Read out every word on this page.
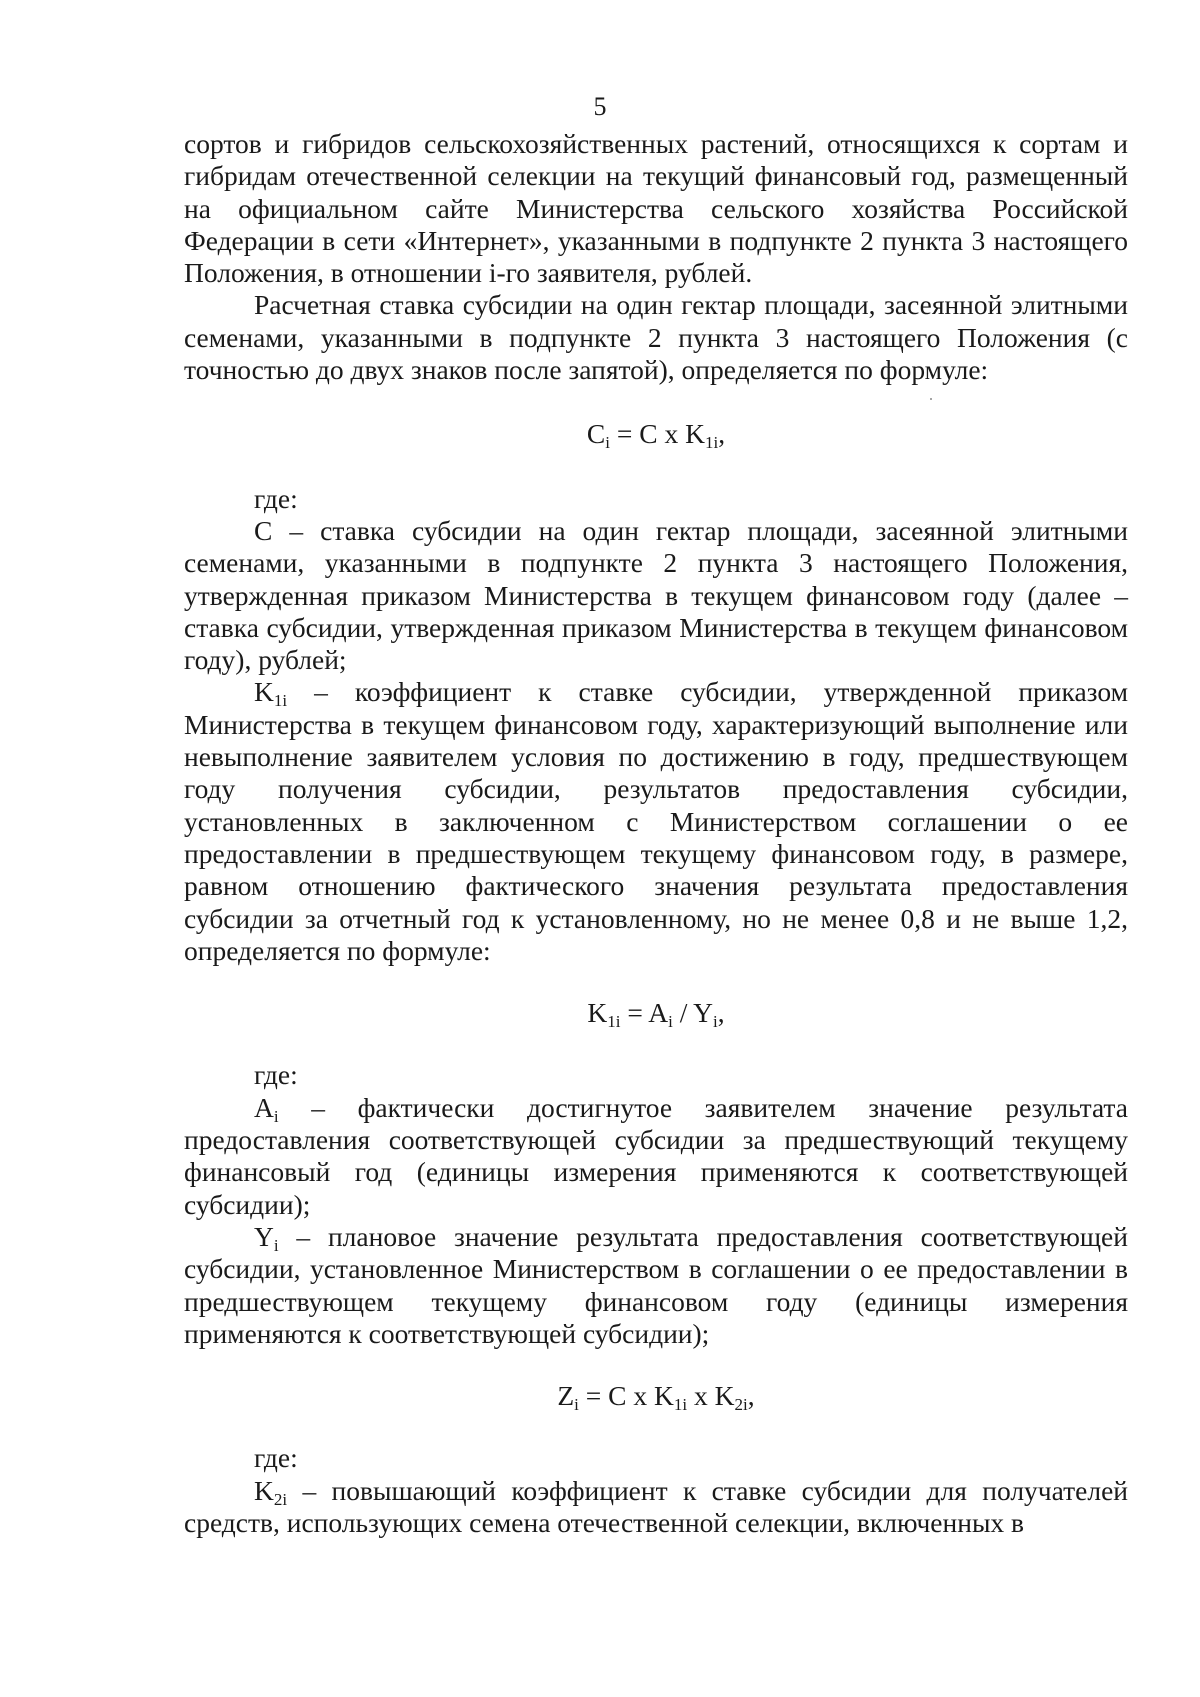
5

сортов и гибридов сельскохозяйственных растений, относящихся к сортам и гибридам отечественной селекции на текущий финансовый год, размещенный на официальном сайте Министерства сельского хозяйства Российской Федерации в сети «Интернет», указанными в подпункте 2 пункта 3 настоящего Положения, в отношении i-го заявителя, рублей.

Расчетная ставка субсидии на один гектар площади, засеянной элитными семенами, указанными в подпункте 2 пункта 3 настоящего Положения (с точностью до двух знаков после запятой), определяется по формуле:

$C_i = С$ x $K_{1i}$,

где:

С – ставка субсидии на один гектар площади, засеянной элитными семенами, указанными в подпункте 2 пункта 3 настоящего Положения, утвержденная приказом Министерства в текущем финансовом году (далее – ставка субсидии, утвержденная приказом Министерства в текущем финансовом году), рублей;

$K_{1i}$ – коэффициент к ставке субсидии, утвержденной приказом Министерства в текущем финансовом году, характеризующий выполнение или невыполнение заявителем условия по достижению в году, предшествующем году получения субсидии, результатов предоставления субсидии, установленных в заключенном с Министерством соглашении о ее предоставлении в предшествующем текущему финансовом году, в размере, равном отношению фактического значения результата предоставления субсидии за отчетный год к установленному, но не менее 0,8 и не выше 1,2, определяется по формуле:

$K_{1i} = A_i / Y_i$,

где:

$A_i$ – фактически достигнутое заявителем значение результата предоставления соответствующей субсидии за предшествующий текущему финансовый год (единицы измерения применяются к соответствующей субсидии);

$Y_i$ – плановое значение результата предоставления соответствующей субсидии, установленное Министерством в соглашении о ее предоставлении в предшествующем текущему финансовом году (единицы измерения применяются к соответствующей субсидии);

$Z_i = C$ x $K_{1i}$ x $K_{2i}$,

где:

$K_{2i}$ – повышающий коэффициент к ставке субсидии для получателей средств, использующих семена отечественной селекции, включенных в
